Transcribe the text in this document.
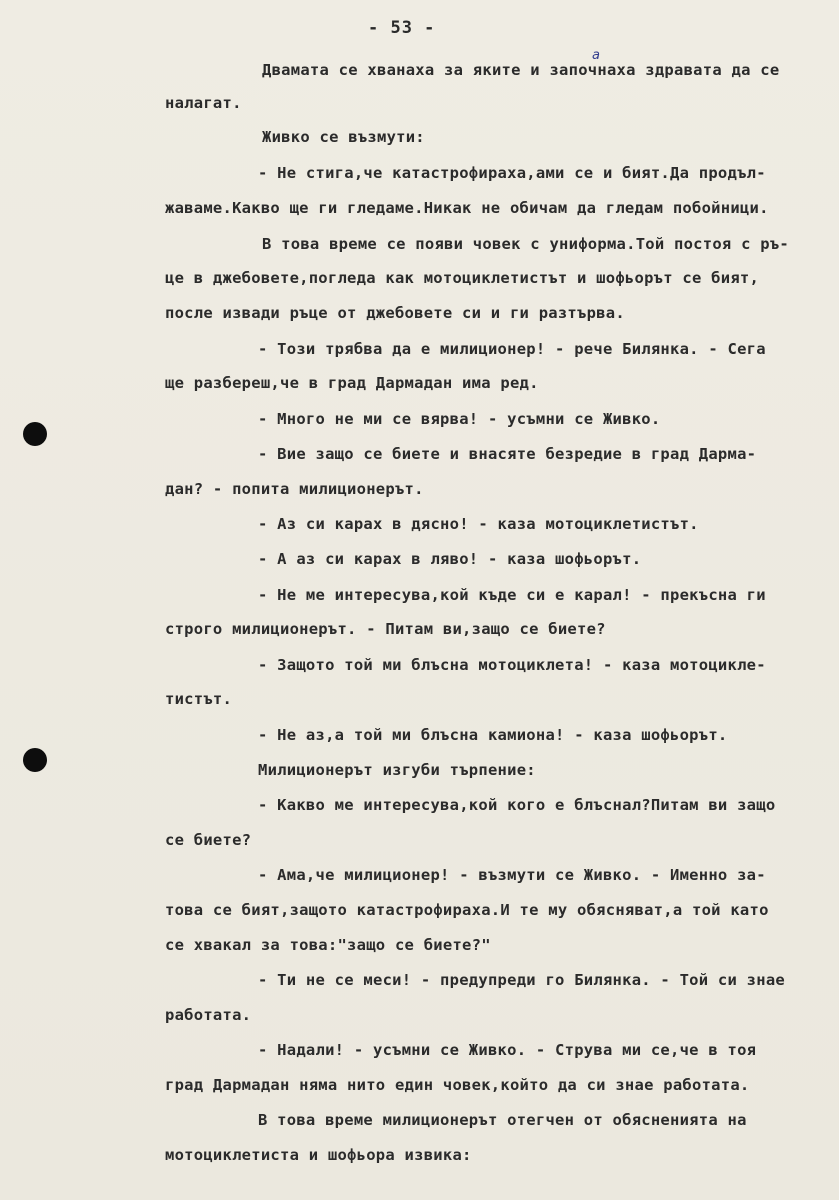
- 53 -
а
Двамата се хванаха за яките и започнаха здравата да се
налагат.
Живко се възмути:
- Не стига,че катастрофираха,ами се и бият.Да продъл-
жаваме.Какво ще ги гледаме.Никак не обичам да гледам побойници.
В това време се появи човек с униформа.Той постоя с ръ-
це в джебовете,погледа как мотоциклетистът и шофьорът се бият,
после извади ръце от джебовете си и ги разтърва.
- Този трябва да е милиционер! - рече Билянка. - Сега
ще разбереш,че в град Дармадан има ред.
- Много не ми се вярва! - усъмни се Живко.
- Вие защо се биете и внасяте безредие в град Дарма-
дан? - попита милиционерът.
- Аз си карах в дясно! - каза мотоциклетистът.
- А аз си карах в ляво! - каза шофьорът.
- Не ме интересува,кой къде си е карал! - прекъсна ги
строго милиционерът. - Питам ви,защо се биете?
- Защото той ми блъсна мотоциклета! - каза мотоцикле-
тистът.
- Не аз,а той ми блъсна камиона! - каза шофьорът.
Милиционерът изгуби търпение:
- Какво ме интересува,кой кого е блъснал?Питам ви защо
се биете?
- Ама,че милиционер! - възмути се Живко. - Именно за-
това се бият,защото катастрофираха.И те му обясняват,а той като
се хвакал за това:"защо се биете?"
- Ти не се меси! - предупреди го Билянка. - Той си знае
работата.
- Надали! - усъмни се Живко. - Струва ми се,че в тоя
град Дармадан няма нито един човек,който да си знае работата.
В това време милиционерът отегчен от обясненията на
мотоциклетиста и шофьора извика:
